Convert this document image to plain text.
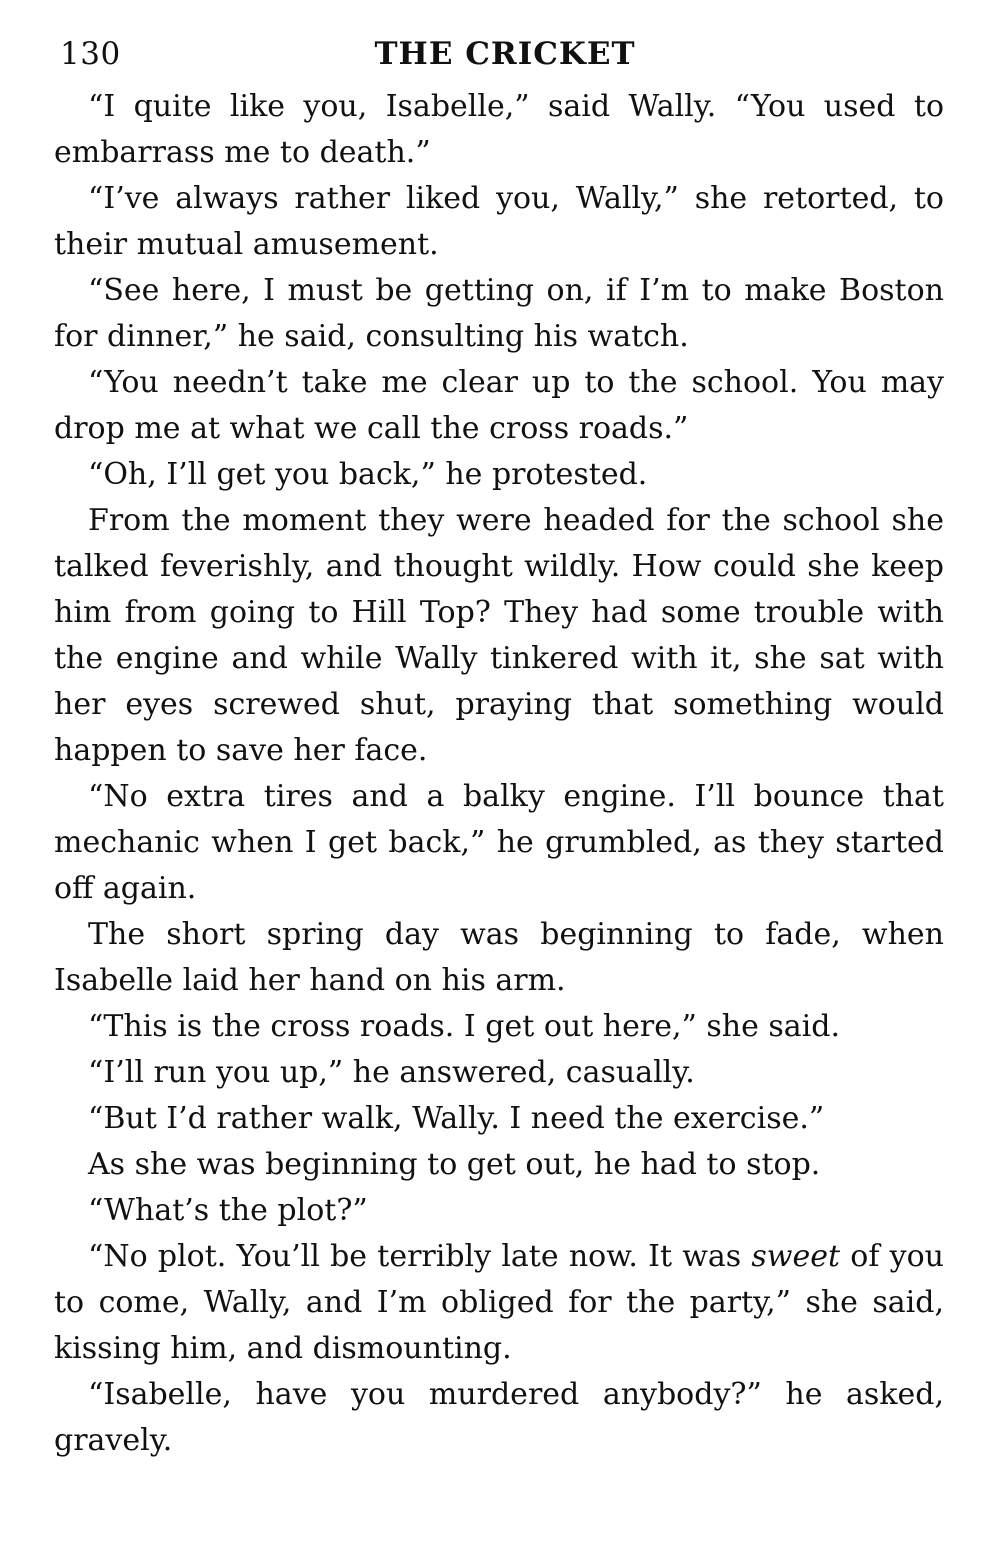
130	THE CRICKET

“I quite like you, Isabelle,” said Wally. “You used to embarrass me to death.”

“I’ve always rather liked you, Wally,” she retorted, to their mutual amusement.

“See here, I must be getting on, if I’m to make Boston for dinner,” he said, consulting his watch.

“You needn’t take me clear up to the school. You may drop me at what we call the cross roads.”

“Oh, I’ll get you back,” he protested.

From the moment they were headed for the school she talked feverishly, and thought wildly. How could she keep him from going to Hill Top? They had some trouble with the engine and while Wally tinkered with it, she sat with her eyes screwed shut, praying that something would happen to save her face.

“No extra tires and a balky engine. I’ll bounce that mechanic when I get back,” he grumbled, as they started off again.

The short spring day was beginning to fade, when Isabelle laid her hand on his arm.

“This is the cross roads. I get out here,” she said.

“I’ll run you up,” he answered, casually.

“But I’d rather walk, Wally. I need the exercise.”

As she was beginning to get out, he had to stop.

“What’s the plot?”

“No plot. You’ll be terribly late now. It was sweet of you to come, Wally, and I’m obliged for the party,” she said, kissing him, and dismounting.

“Isabelle, have you murdered anybody?” he asked, gravely.
